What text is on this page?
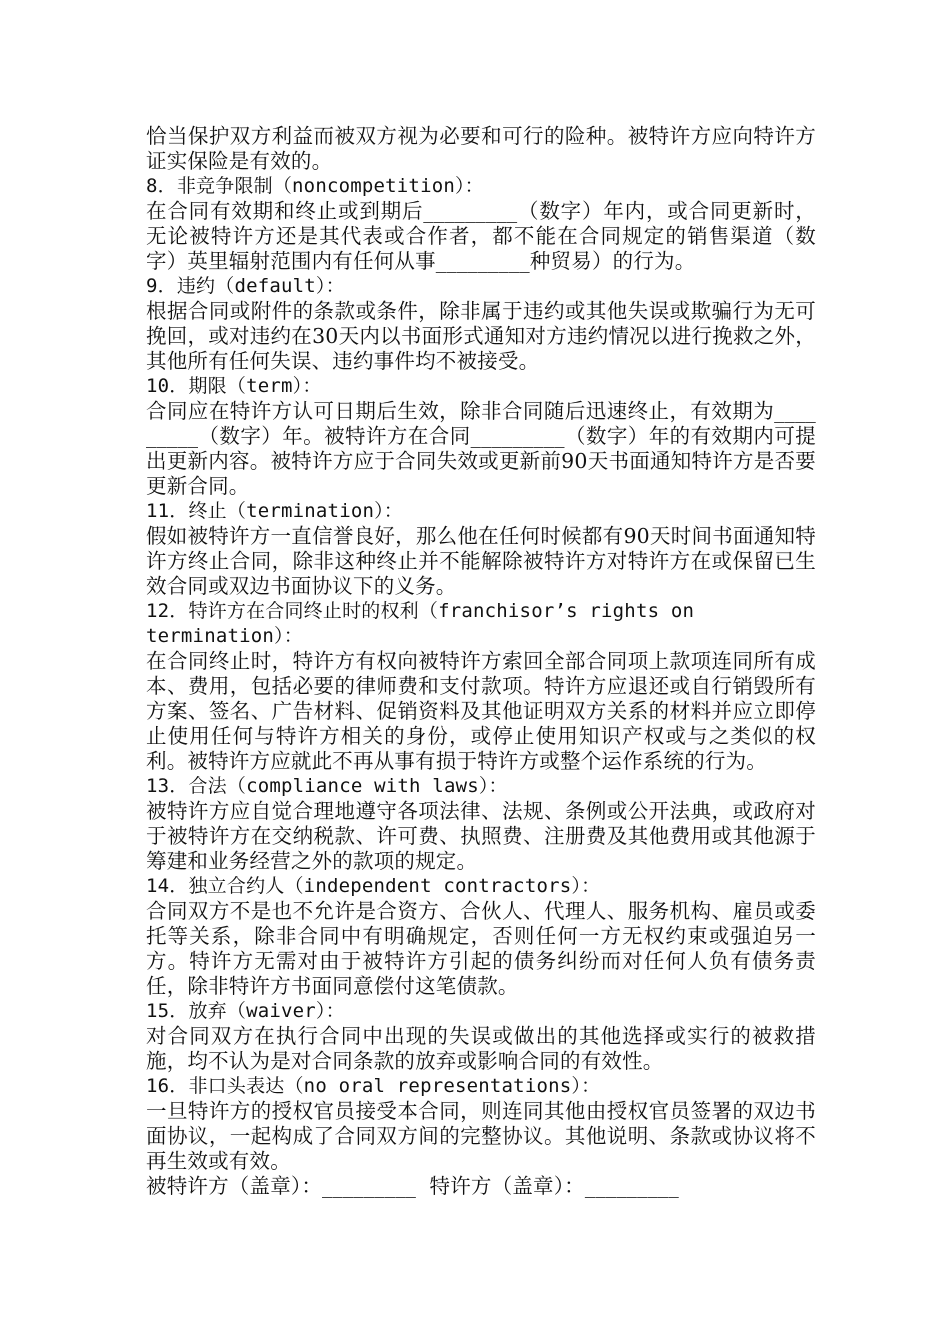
恰当保护双方利益而被双方视为必要和可行的险种。被特许方应向特许方证实保险是有效的。

8．非竞争限制（noncompetition）：

在合同有效期和终止或到期后_________（数字）年内，或合同更新时，无论被特许方还是其代表或合作者，都不能在合同规定的销售渠道（数字）英里辐射范围内有任何从事_________种贸易）的行为。

9．违约（default）：

根据合同或附件的条款或条件，除非属于违约或其他失误或欺骗行为无可挽回，或对违约在30天内以书面形式通知对方违约情况以进行挽救之外，其他所有任何失误、违约事件均不被接受。

10．期限（term）：

合同应在特许方认可日期后生效，除非合同随后迅速终止，有效期为_________（数字）年。被特许方在合同_________（数字）年的有效期内可提出更新内容。被特许方应于合同失效或更新前90天书面通知特许方是否要更新合同。

11．终止（termination）：

假如被特许方一直信誉良好，那么他在任何时候都有90天时间书面通知特许方终止合同，除非这种终止并不能解除被特许方对特许方在或保留已生效合同或双边书面协议下的义务。

12．特许方在合同终止时的权利（franchisor’s rights on termination）：

在合同终止时，特许方有权向被特许方索回全部合同项上款项连同所有成本、费用，包括必要的律师费和支付款项。特许方应退还或自行销毁所有方案、签名、广告材料、促销资料及其他证明双方关系的材料并应立即停止使用任何与特许方相关的身份，或停止使用知识产权或与之类似的权利。被特许方应就此不再从事有损于特许方或整个运作系统的行为。

13．合法（compliance with laws）：

被特许方应自觉合理地遵守各项法律、法规、条例或公开法典，或政府对于被特许方在交纳税款、许可费、执照费、注册费及其他费用或其他源于筹建和业务经营之外的款项的规定。

14．独立合约人（independent contractors）：

合同双方不是也不允许是合资方、合伙人、代理人、服务机构、雇员或委托等关系，除非合同中有明确规定，否则任何一方无权约束或强迫另一方。特许方无需对由于被特许方引起的债务纠纷而对任何人负有债务责任，除非特许方书面同意偿付这笔债款。

15．放弃（waiver）：

对合同双方在执行合同中出现的失误或做出的其他选择或实行的被救措施，均不认为是对合同条款的放弃或影响合同的有效性。

16．非口头表达（no oral representations）：

一旦特许方的授权官员接受本合同，则连同其他由授权官员签署的双边书面协议，一起构成了合同双方间的完整协议。其他说明、条款或协议将不再生效或有效。

被特许方（盖章）：_________  特许方（盖章）：_________
